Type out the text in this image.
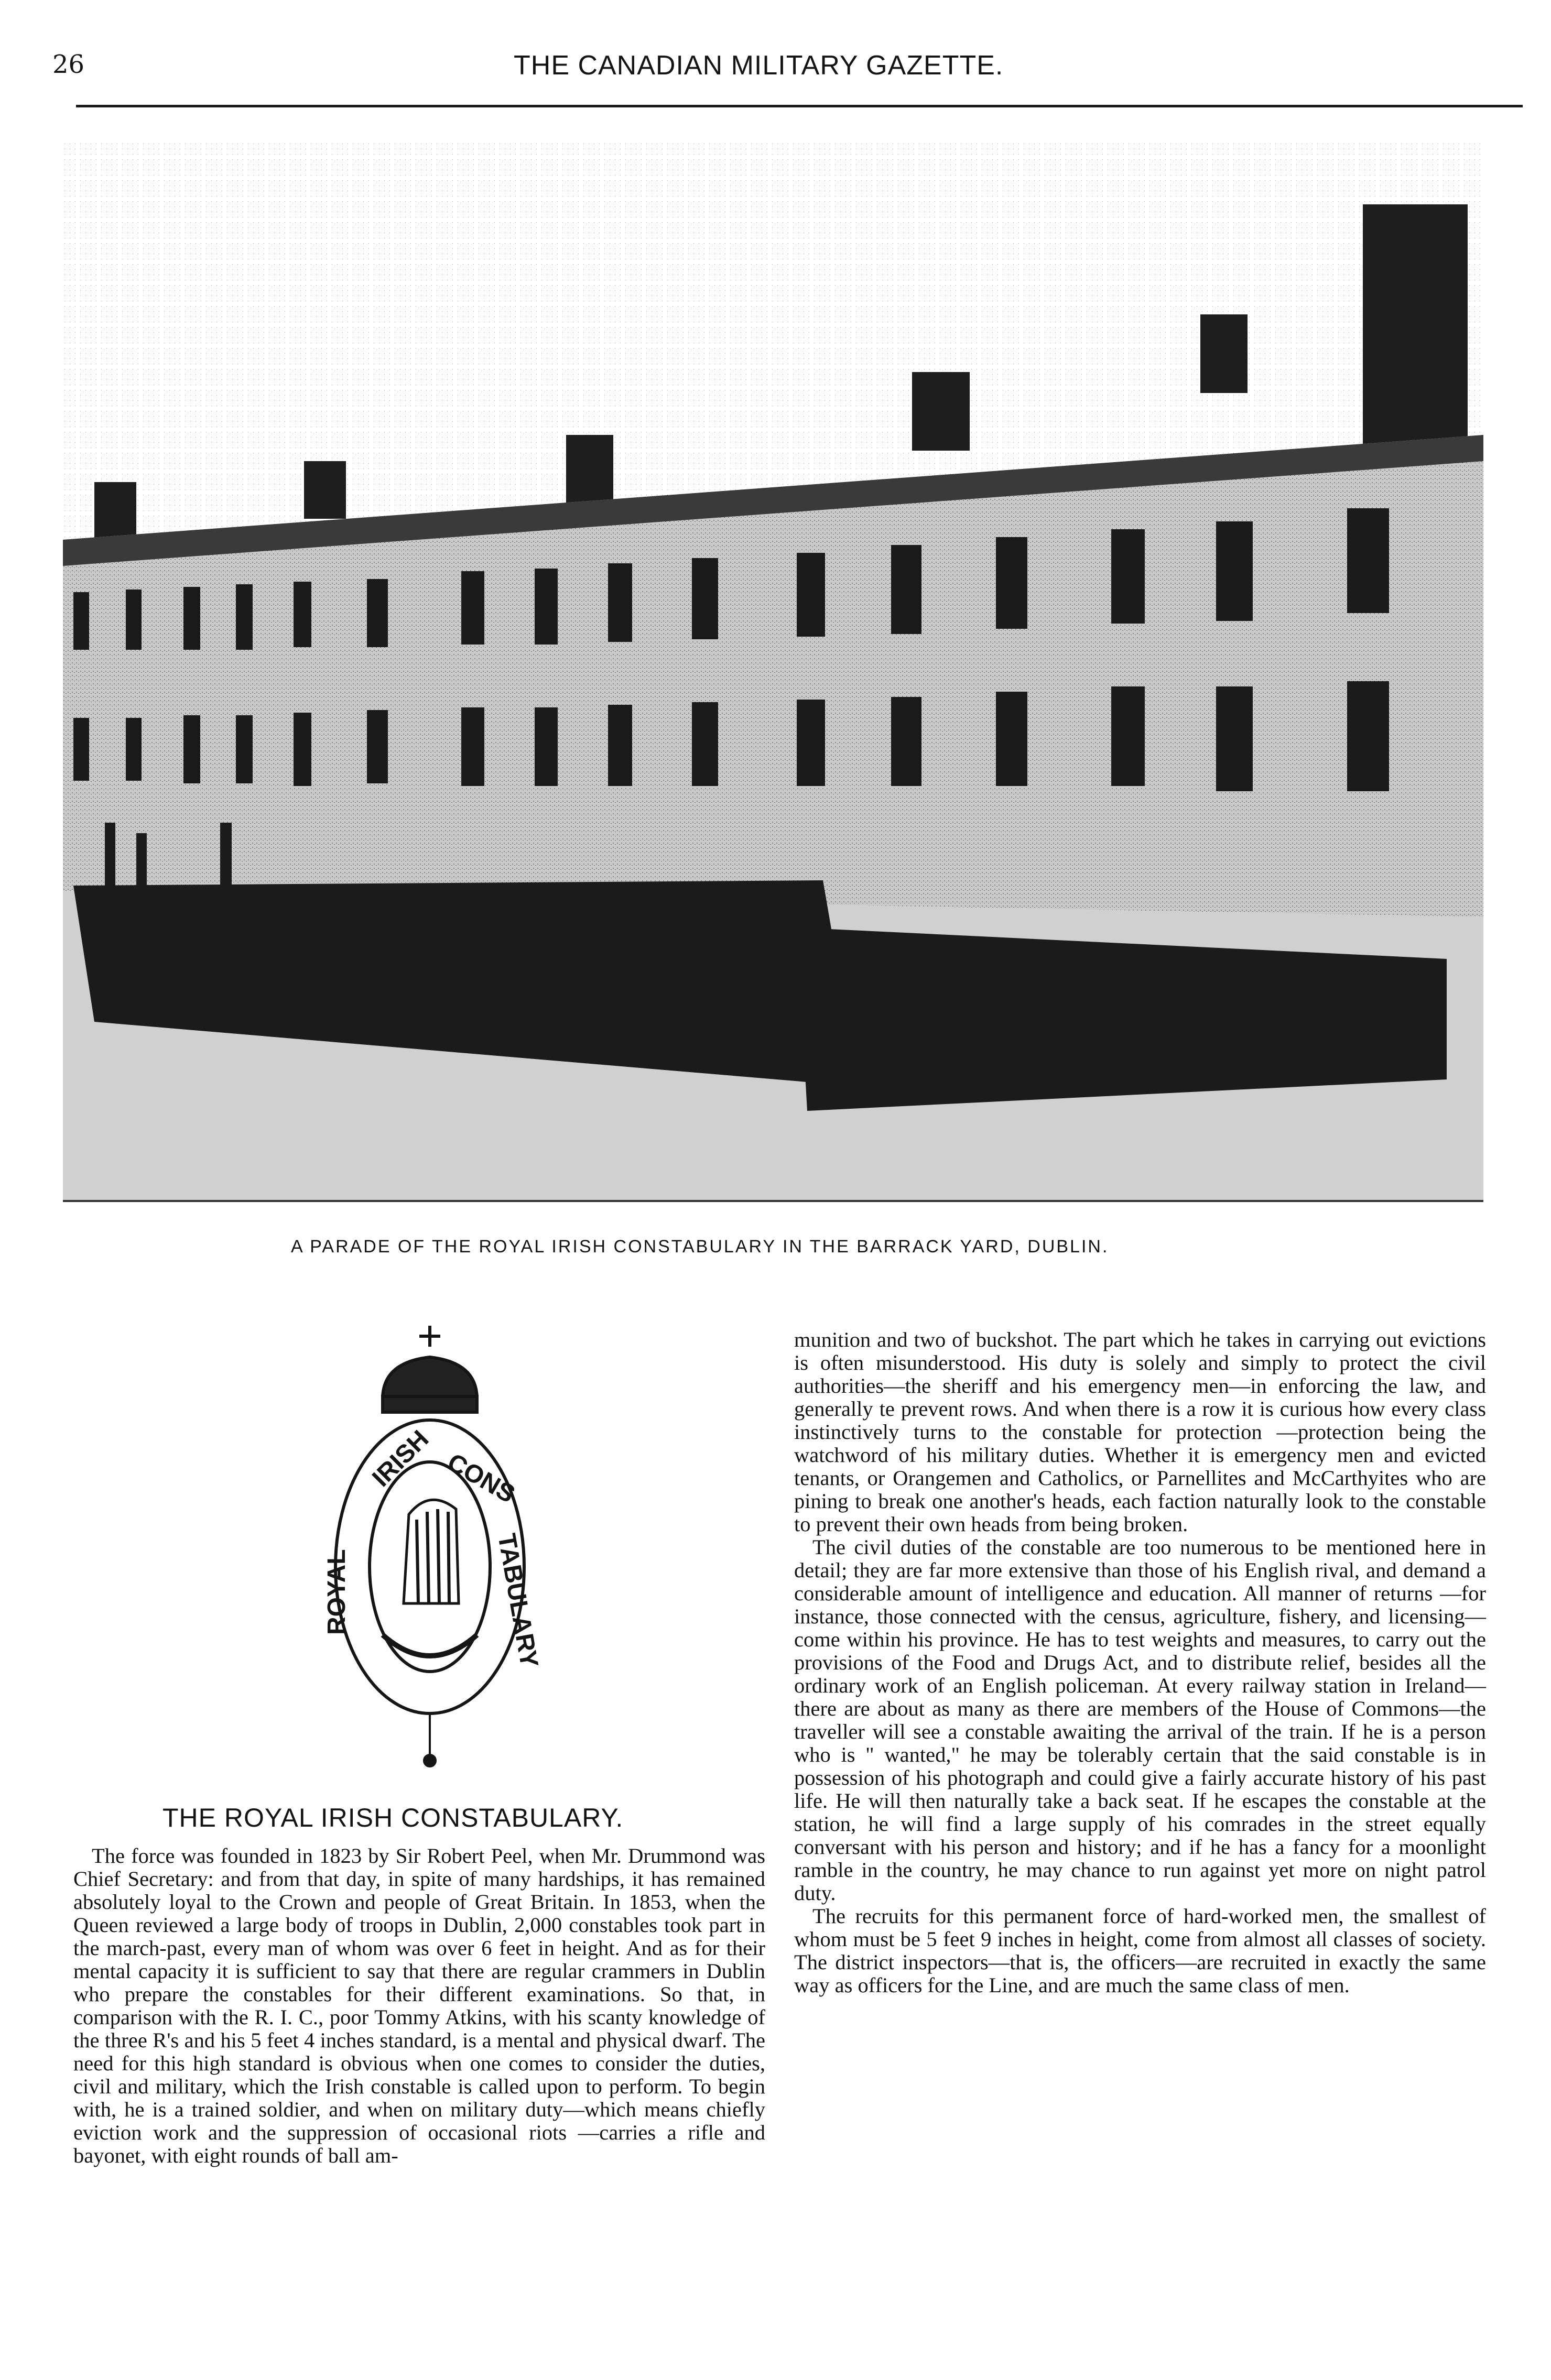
26	THE CANADIAN MILITARY GAZETTE.
A PARADE OF THE ROYAL IRISH CONSTABULARY IN THE BARRACK YARD, DUBLIN.
ROYAL
IRISH CONS
TABULARY
THE ROYAL IRISH CONSTABULARY.

The force was founded in 1823 by Sir Robert Peel, when Mr. Drummond was Chief Secretary: and from that day, in spite of many hardships, it has remained absolutely loyal to the Crown and people of Great Britain. In 1853, when the Queen reviewed a large body of troops in Dublin, 2,000 constables took part in the march-past, every man of whom was over 6 feet in height. And as for their mental capacity it is sufficient to say that there are regular crammers in Dublin who prepare the constables for their different examinations. So that, in comparison with the R. I. C., poor Tommy Atkins, with his scanty knowledge of the three R's and his 5 feet 4 inches standard, is a mental and physical dwarf. The need for this high standard is obvious when one comes to consider the duties, civil and military, which the Irish constable is called upon to perform. To begin with, he is a trained soldier, and when on military duty—which means chiefly eviction work and the suppression of occasional riots —carries a rifle and bayonet, with eight rounds of ball am-

munition and two of buckshot. The part which he takes in carrying out evictions is often misunderstood. His duty is solely and simply to protect the civil authorities—the sheriff and his emergency men—in enforcing the law, and generally te prevent rows. And when there is a row it is curious how every class instinctively turns to the constable for protection —protection being the watchword of his military duties. Whether it is emergency men and evicted tenants, or Orangemen and Catholics, or Parnellites and McCarthyites who are pining to break one another's heads, each faction naturally look to the constable to prevent their own heads from being broken.

The civil duties of the constable are too numerous to be mentioned here in detail; they are far more extensive than those of his English rival, and demand a considerable amount of intelligence and education. All manner of returns —for instance, those connected with the census, agriculture, fishery, and licensing—come within his province. He has to test weights and measures, to carry out the provisions of the Food and Drugs Act, and to distribute relief, besides all the ordinary work of an English policeman. At every railway station in Ireland—there are about as many as there are members of the House of Commons—the traveller will see a constable awaiting the arrival of the train. If he is a person who is " wanted," he may be tolerably certain that the said constable is in possession of his photograph and could give a fairly accurate history of his past life. He will then naturally take a back seat. If he escapes the constable at the station, he will find a large supply of his comrades in the street equally conversant with his person and history; and if he has a fancy for a moonlight ramble in the country, he may chance to run against yet more on night patrol duty.

The recruits for this permanent force of hard-worked men, the smallest of whom must be 5 feet 9 inches in height, come from almost all classes of society. The district inspectors—that is, the officers—are recruited in exactly the same way as officers for the Line, and are much the same class of men.
